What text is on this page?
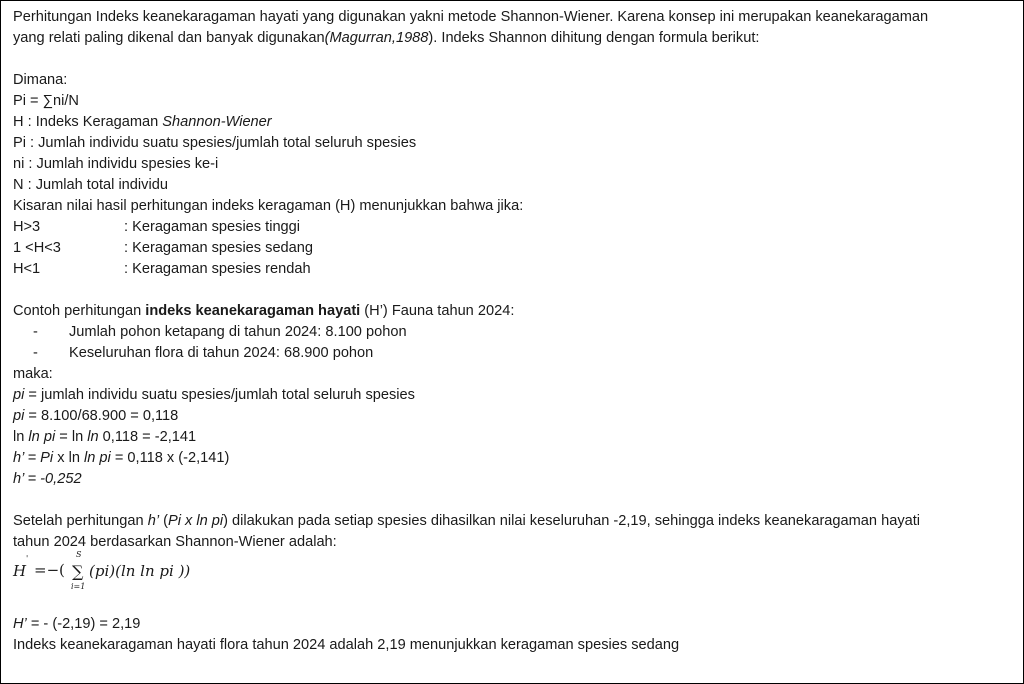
Perhitungan Indeks keanekaragaman hayati yang digunakan yakni metode Shannon-Wiener. Karena konsep ini merupakan keanekaragaman
yang relati paling dikenal dan banyak digunakan(Magurran,1988). Indeks Shannon dihitung dengan formula berikut:
Dimana:
Pi = ∑ni/N
H : Indeks Keragaman Shannon-Wiener
Pi : Jumlah individu suatu spesies/jumlah total seluruh spesies
ni : Jumlah individu spesies ke-i
N : Jumlah total individu
Kisaran nilai hasil perhitungan indeks keragaman (H) menunjukkan bahwa jika:
H>3	: Keragaman spesies tinggi
1 <H<3	: Keragaman spesies sedang
H<1	: Keragaman spesies rendah
Contoh perhitungan indeks keanekaragaman hayati (H’) Fauna tahun 2024:
- Jumlah pohon ketapang di tahun 2024: 8.100 pohon
- Keseluruhan flora di tahun 2024: 68.900 pohon
maka:
pi = jumlah individu suatu spesies/jumlah total seluruh spesies
pi = 8.100/68.900 = 0,118
ln ln pi = ln ln 0,118 = -2,141
h’ = Pi x ln ln pi = 0,118 x (-2,141)
h’ = -0,252
Setelah perhitungan h’ (Pi x ln pi) dilakukan pada setiap spesies dihasilkan nilai keseluruhan -2,19, sehingga indeks keanekaragaman hayati
tahun 2024 berdasarkan Shannon-Wiener adalah:
H
'
=− (
S
∑
i=1
(pi)(ln ln pi ))
H’ = - (-2,19) = 2,19
Indeks keanekaragaman hayati flora tahun 2024 adalah 2,19 menunjukkan keragaman spesies sedang
